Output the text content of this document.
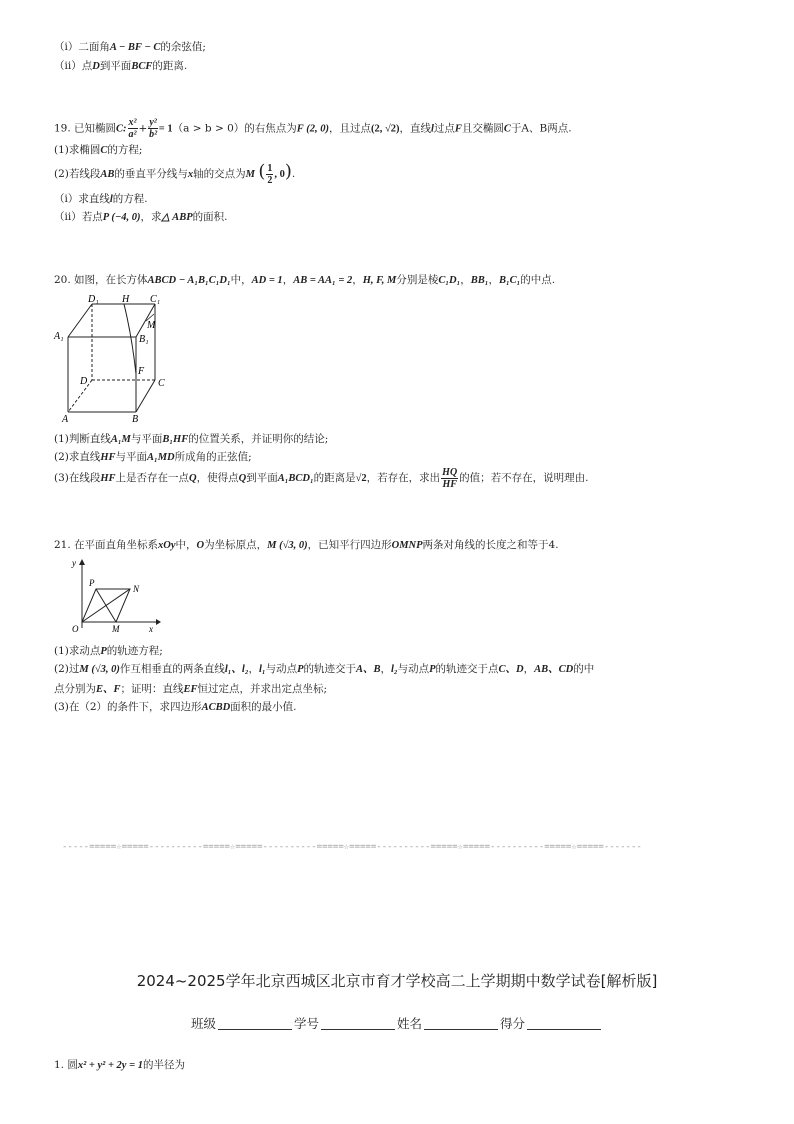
（ⅰ）二面角A − BF − C的余弦值;
（ⅱ）点D到平面BCF的距离.
19. 已知椭圆C: $\frac{\text{x²}}{\text{a²}} + \frac{\text{y²}}{\text{b²}} = 1(a > b > 0)$的右焦点为F (2, 0)，且过点(2, √2)，直线l过点F且交椭圆C于A、B两点.
(1)求椭圆C的方程;
(2)若线段AB的垂直平分线与x轴的交点为M ( $\frac{1}{2}$ , 0).
（ⅰ）求直线l的方程.
（ⅱ）若点P (−4, 0)，求△ ABP的面积.
20. 如图，在长方体ABCD − A₁B₁C₁D₁中，AD = 1，AB = AA₁ = 2，H, F, M分别是棱C₁D₁，BB₁，B₁C₁的中点.
D₁ H C₁
A₁
M
B₁
F
D	C
A	B
(1)判断直线A₁M与平面B₁HF的位置关系，并证明你的结论;
(2)求直线HF与平面A₁MD所成角的正弦值;
(3)在线段HF上是否存在一点Q，使得点Q到平面A₁BCD₁的距离是√2，若存在，求出 $\frac{HQ}{HF}$ 的值；若不存在，说明理由.
21. 在平面直角坐标系xOy中，O为坐标原点，M (√3, 0)，已知平行四边形OMNP两条对角线的长度之和等于4.
y
P
N
O	M	x
(1)求动点P的轨迹方程;
(2)过M (√3, 0)作互相垂直的两条直线l₁、l₂，l₁与动点P的轨迹交于A、B，l₂与动点P的轨迹交于点C、D，AB、CD的中
点分别为E、F；证明：直线EF恒过定点，并求出定点坐标;
(3)在（2）的条件下，求四边形ACBD面积的最小值.
-----=====☆=====----------=====☆=====----------=====☆=====----------=====☆=====----------=====☆=====-------
2024~2025学年北京西城区北京市育才学校高二上学期期中数学试卷[解析版]
班级	学号	姓名	得分
1. 圆x² + y² + 2y = 1的半径为
